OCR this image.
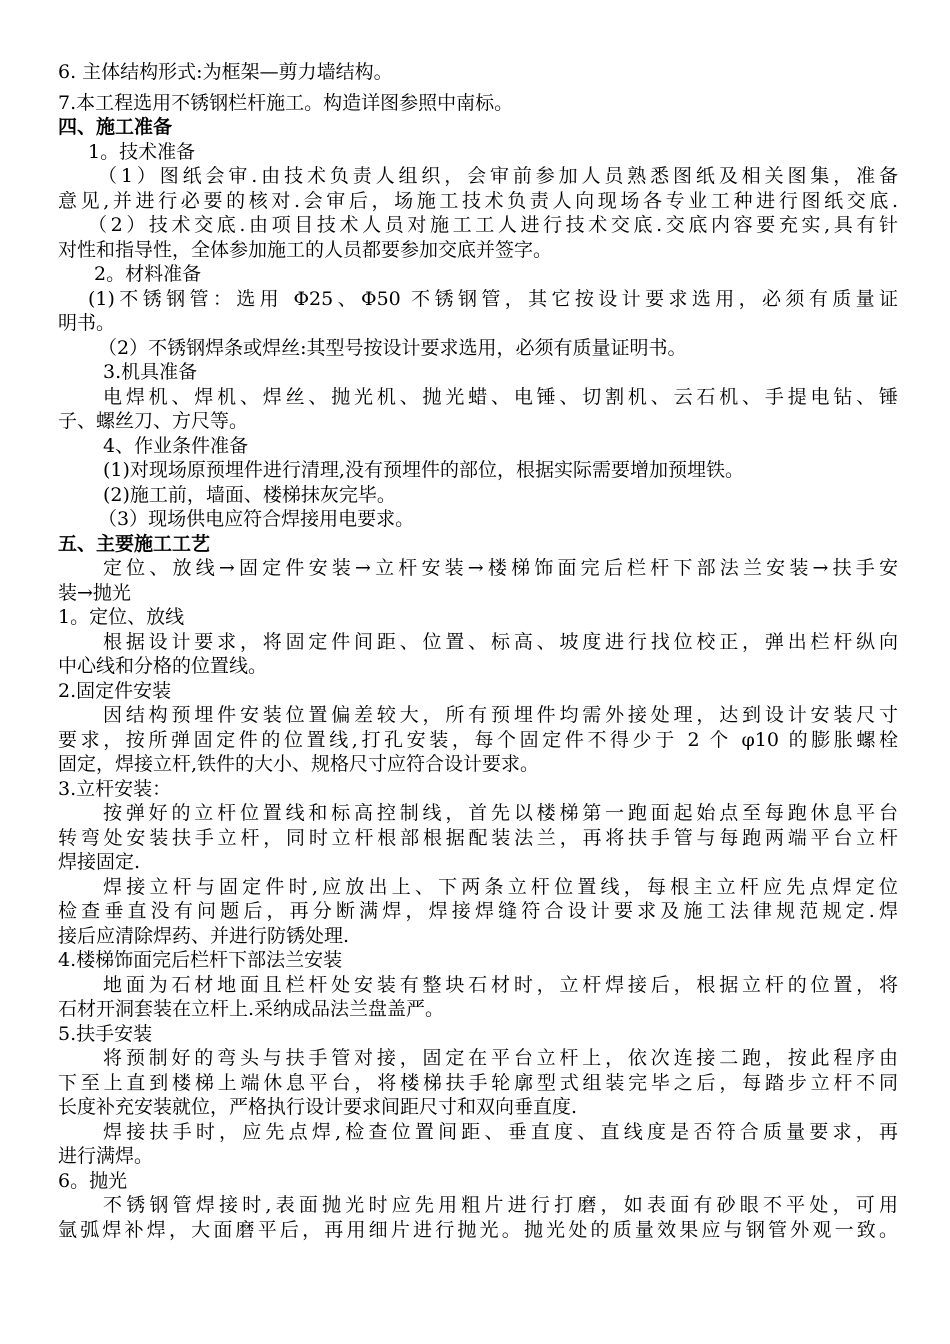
6. 主体结构形式:为框架—剪力墙结构。
7.本工程选用不锈钢栏杆施工。构造详图参照中南标。
四、施工准备
1。技术准备
（1）图纸会审.由技术负责人组织，会审前参加人员熟悉图纸及相关图集，准备
意见,并进行必要的核对.会审后，场施工技术负责人向现场各专业工种进行图纸交底.
（2）技术交底.由项目技术人员对施工工人进行技术交底.交底内容要充实,具有针
对性和指导性，全体参加施工的人员都要参加交底并签字。
2。材料准备
(1)不锈钢管：选用 Φ25、Φ50 不锈钢管，其它按设计要求选用，必须有质量证
明书。
（2）不锈钢焊条或焊丝:其型号按设计要求选用，必须有质量证明书。
3.机具准备
电焊机、焊机、焊丝、抛光机、抛光蜡、电锤、切割机、云石机、手提电钻、锤
子、螺丝刀、方尺等。
4、作业条件准备
(1)对现场原预埋件进行清理,没有预埋件的部位，根据实际需要增加预埋铁。
(2)施工前，墙面、楼梯抹灰完毕。
（3）现场供电应符合焊接用电要求。
五、主要施工工艺
定位、放线→固定件安装→立杆安装→楼梯饰面完后栏杆下部法兰安装→扶手安
装→抛光
1。定位、放线
根据设计要求，将固定件间距、位置、标高、坡度进行找位校正，弹出栏杆纵向
中心线和分格的位置线。
2.固定件安装
因结构预埋件安装位置偏差较大，所有预埋件均需外接处理，达到设计安装尺寸
要求，按所弹固定件的位置线,打孔安装，每个固定件不得少于 2 个 φ10 的膨胀螺栓
固定，焊接立杆,铁件的大小、规格尺寸应符合设计要求。
3.立杆安装：
按弹好的立杆位置线和标高控制线，首先以楼梯第一跑面起始点至每跑休息平台
转弯处安装扶手立杆，同时立杆根部根据配装法兰，再将扶手管与每跑两端平台立杆
焊接固定.
焊接立杆与固定件时,应放出上、下两条立杆位置线，每根主立杆应先点焊定位
检查垂直没有问题后，再分断满焊，焊接焊缝符合设计要求及施工法律规范规定.焊
接后应清除焊药、并进行防锈处理.
4.楼梯饰面完后栏杆下部法兰安装
地面为石材地面且栏杆处安装有整块石材时，立杆焊接后，根据立杆的位置，将
石材开洞套装在立杆上.采纳成品法兰盘盖严。
5.扶手安装
将预制好的弯头与扶手管对接，固定在平台立杆上，依次连接二跑，按此程序由
下至上直到楼梯上端休息平台，将楼梯扶手轮廓型式组装完毕之后，每踏步立杆不同
长度补充安装就位，严格执行设计要求间距尺寸和双向垂直度.
焊接扶手时，应先点焊,检查位置间距、垂直度、直线度是否符合质量要求，再
进行满焊。
6。抛光
不锈钢管焊接时,表面抛光时应先用粗片进行打磨，如表面有砂眼不平处，可用
氩弧焊补焊，大面磨平后，再用细片进行抛光。抛光处的质量效果应与钢管外观一致。
